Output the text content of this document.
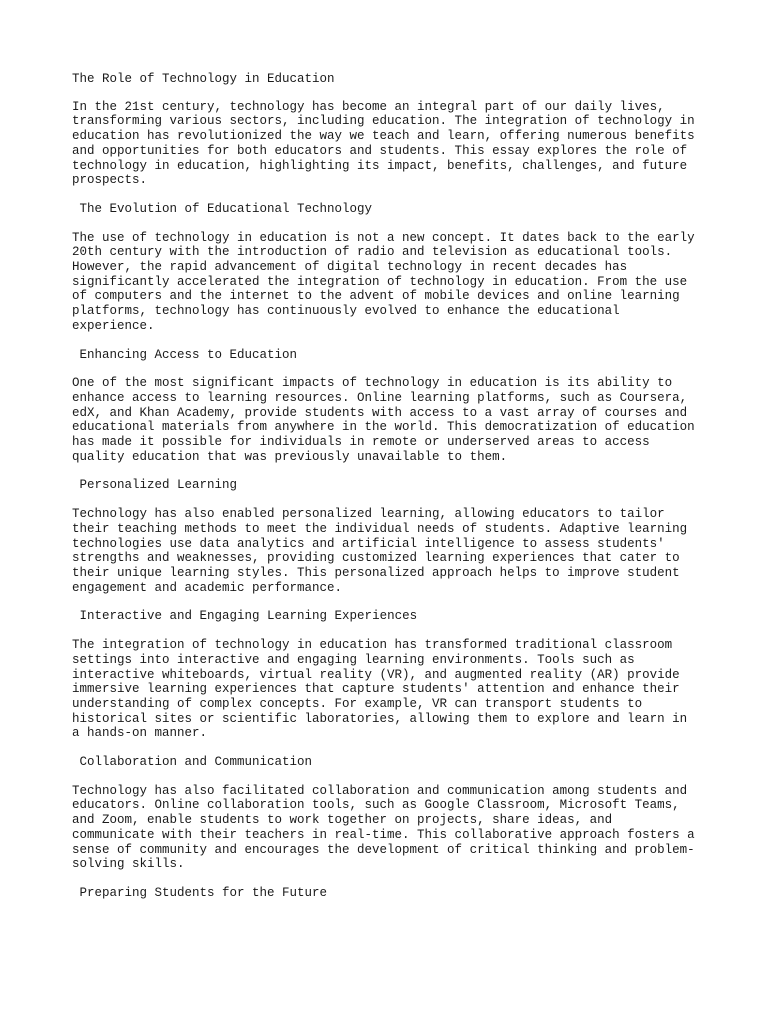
The Role of Technology in Education
In the 21st century, technology has become an integral part of our daily lives,
transforming various sectors, including education. The integration of technology in
education has revolutionized the way we teach and learn, offering numerous benefits
and opportunities for both educators and students. This essay explores the role of
technology in education, highlighting its impact, benefits, challenges, and future
prospects.
The Evolution of Educational Technology
The use of technology in education is not a new concept. It dates back to the early
20th century with the introduction of radio and television as educational tools.
However, the rapid advancement of digital technology in recent decades has
significantly accelerated the integration of technology in education. From the use
of computers and the internet to the advent of mobile devices and online learning
platforms, technology has continuously evolved to enhance the educational
experience.
Enhancing Access to Education
One of the most significant impacts of technology in education is its ability to
enhance access to learning resources. Online learning platforms, such as Coursera,
edX, and Khan Academy, provide students with access to a vast array of courses and
educational materials from anywhere in the world. This democratization of education
has made it possible for individuals in remote or underserved areas to access
quality education that was previously unavailable to them.
Personalized Learning
Technology has also enabled personalized learning, allowing educators to tailor
their teaching methods to meet the individual needs of students. Adaptive learning
technologies use data analytics and artificial intelligence to assess students'
strengths and weaknesses, providing customized learning experiences that cater to
their unique learning styles. This personalized approach helps to improve student
engagement and academic performance.
Interactive and Engaging Learning Experiences
The integration of technology in education has transformed traditional classroom
settings into interactive and engaging learning environments. Tools such as
interactive whiteboards, virtual reality (VR), and augmented reality (AR) provide
immersive learning experiences that capture students' attention and enhance their
understanding of complex concepts. For example, VR can transport students to
historical sites or scientific laboratories, allowing them to explore and learn in
a hands-on manner.
Collaboration and Communication
Technology has also facilitated collaboration and communication among students and
educators. Online collaboration tools, such as Google Classroom, Microsoft Teams,
and Zoom, enable students to work together on projects, share ideas, and
communicate with their teachers in real-time. This collaborative approach fosters a
sense of community and encourages the development of critical thinking and problem-
solving skills.
Preparing Students for the Future
